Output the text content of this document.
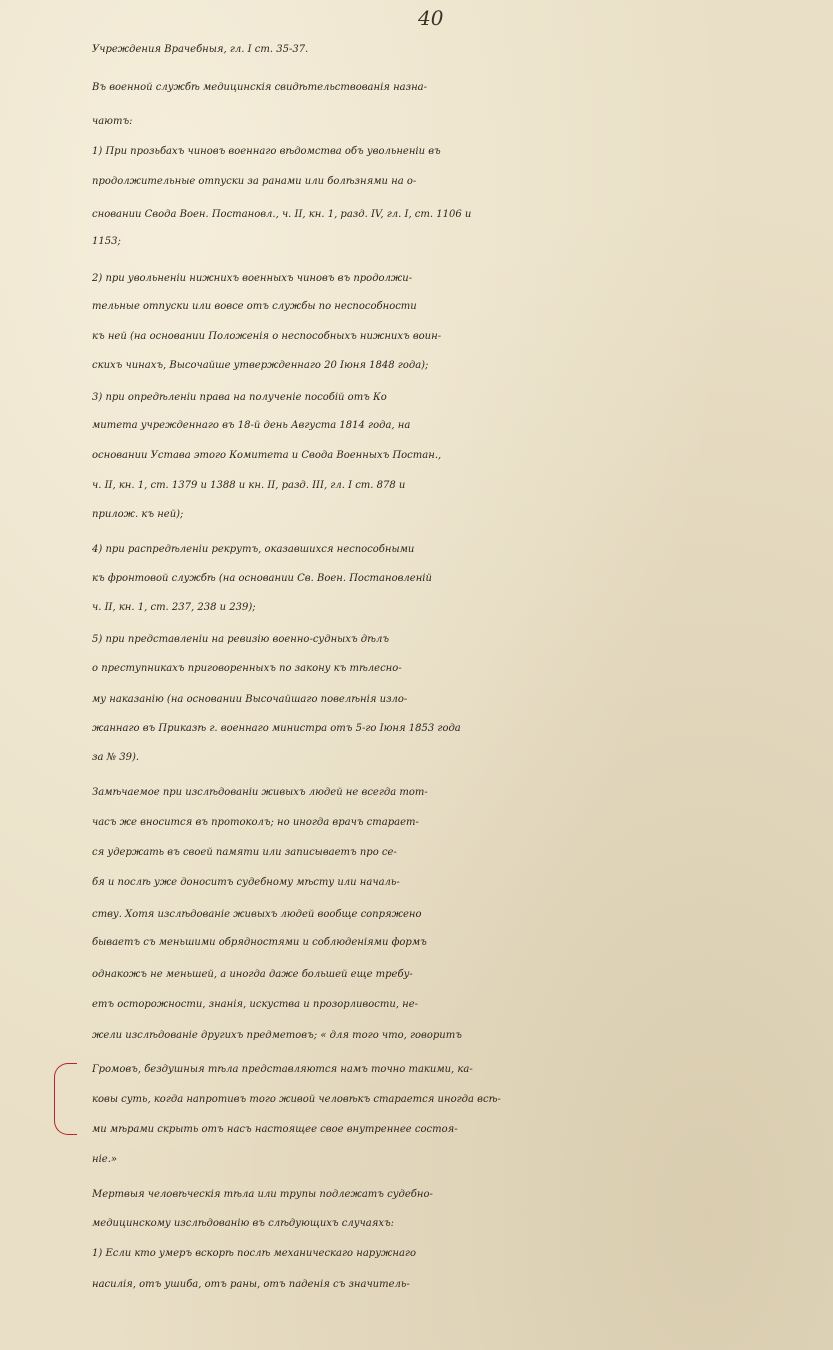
40
Учреждения Врачебныя, гл. I ст. 35-37.
Въ военной службѣ медицинскія свидѣтельствованія назна-
чаютъ:
1) При прозьбахъ чиновъ военнаго вѣдомства объ увольненіи въ
продолжительные отпуски за ранами или болѣзнями на о-
сновании Свода Воен. Постановл., ч. II, кн. 1, разд. IV, гл. I, ст. 1106 и
1153;
2) при увольненіи нижнихъ военныхъ чиновъ въ продолжи-
тельные отпуски или вовсе отъ службы по неспособности
къ ней (на основании Положенія о неспособныхъ нижнихъ воин-
скихъ чинахъ, Высочайше утвержденнаго 20 Іюня 1848 года);
3) при опредѣленіи права на полученіе пособій отъ Ко
митета учрежденнаго въ 18-й день Августа 1814 года, на
основании Устава этого Комитета и Свода Военныхъ Постан.,
ч. II, кн. 1, ст. 1379 и 1388 и кн. II, разд. III, гл. I ст. 878 и
прилож. къ ней);
4) при распредѣленіи рекрутъ, оказавшихся неспособными
къ фронтовой службѣ (на основании Св. Воен. Постановленій
ч. II, кн. 1, ст. 237, 238 и 239);
5) при представленіи на ревизію военно-судныхъ дѣлъ
о преступникахъ приговоренныхъ по закону къ тѣлесно-
му наказанію (на основании Высочайшаго повелѣнія изло-
жаннаго въ Приказѣ г. военнаго министра отъ 5-го Іюня 1853 года
за № 39).
Замѣчаемое при изслѣдованіи живыхъ людей не всегда тот-
часъ же вносится въ протоколъ; но иногда врачъ старает-
ся удержать въ своей памяти или записываетъ про се-
бя и послѣ уже доноситъ судебному мѣсту или началь-
ству. Хотя изслѣдованіе живыхъ людей вообще сопряжено
бываетъ съ меньшими обрядностями и соблюденіями формъ
однакожъ не меньшей, а иногда даже большей еще требу-
етъ осторожности, знанія, искуства и прозорливости, не-
жели изслѣдованіе другихъ предметовъ; « для того что, говоритъ
Громовъ, бездушныя тѣла представляются намъ точно такими, ка-
ковы суть, когда напротивъ того живой человѣкъ старается иногда всѣ-
ми мѣрами скрыть отъ насъ настоящее свое внутреннее состоя-
ніе.»
Мертвыя человѣческія тѣла или трупы подлежатъ судебно-
медицинскому изслѣдованію въ слѣдующихъ случаяхъ:
1) Если кто умеръ вскорѣ послѣ механическаго наружнаго
насилія, отъ ушиба, отъ раны, отъ паденія съ значитель-
